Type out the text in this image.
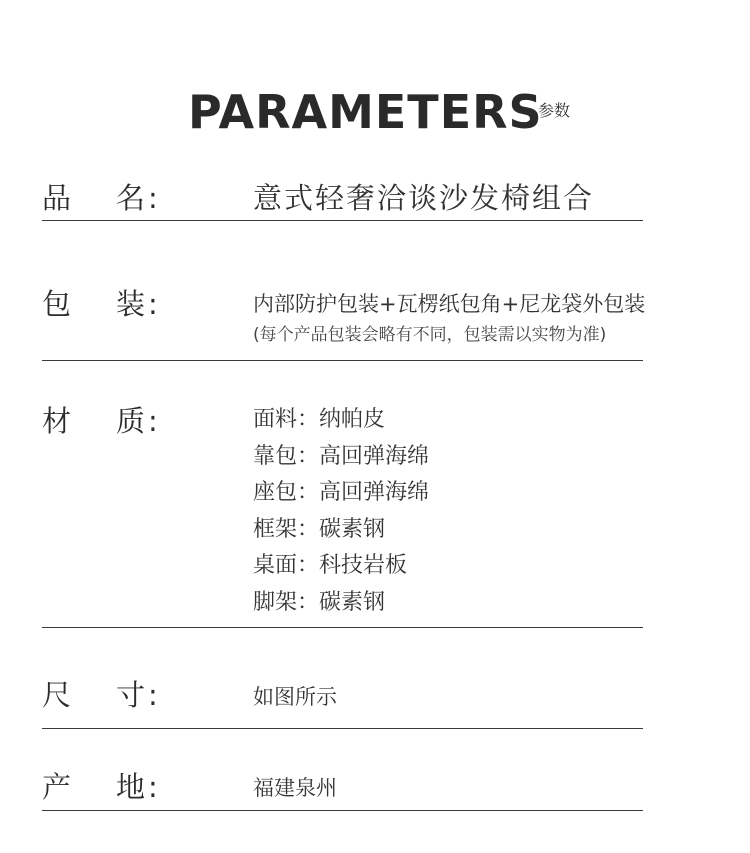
PARAMETERS
参数
品 名 :	意式轻奢洽谈沙发椅组合
包 装 :	内部防护包装+瓦楞纸包角+尼龙袋外包装
(每个产品包装会略有不同，包装需以实物为准)
材 质 :	面料：纳帕皮
靠包：高回弹海绵
座包：高回弹海绵
框架：碳素钢
桌面：科技岩板
脚架：碳素钢
尺 寸 :	如图所示
产 地 :	福建泉州
